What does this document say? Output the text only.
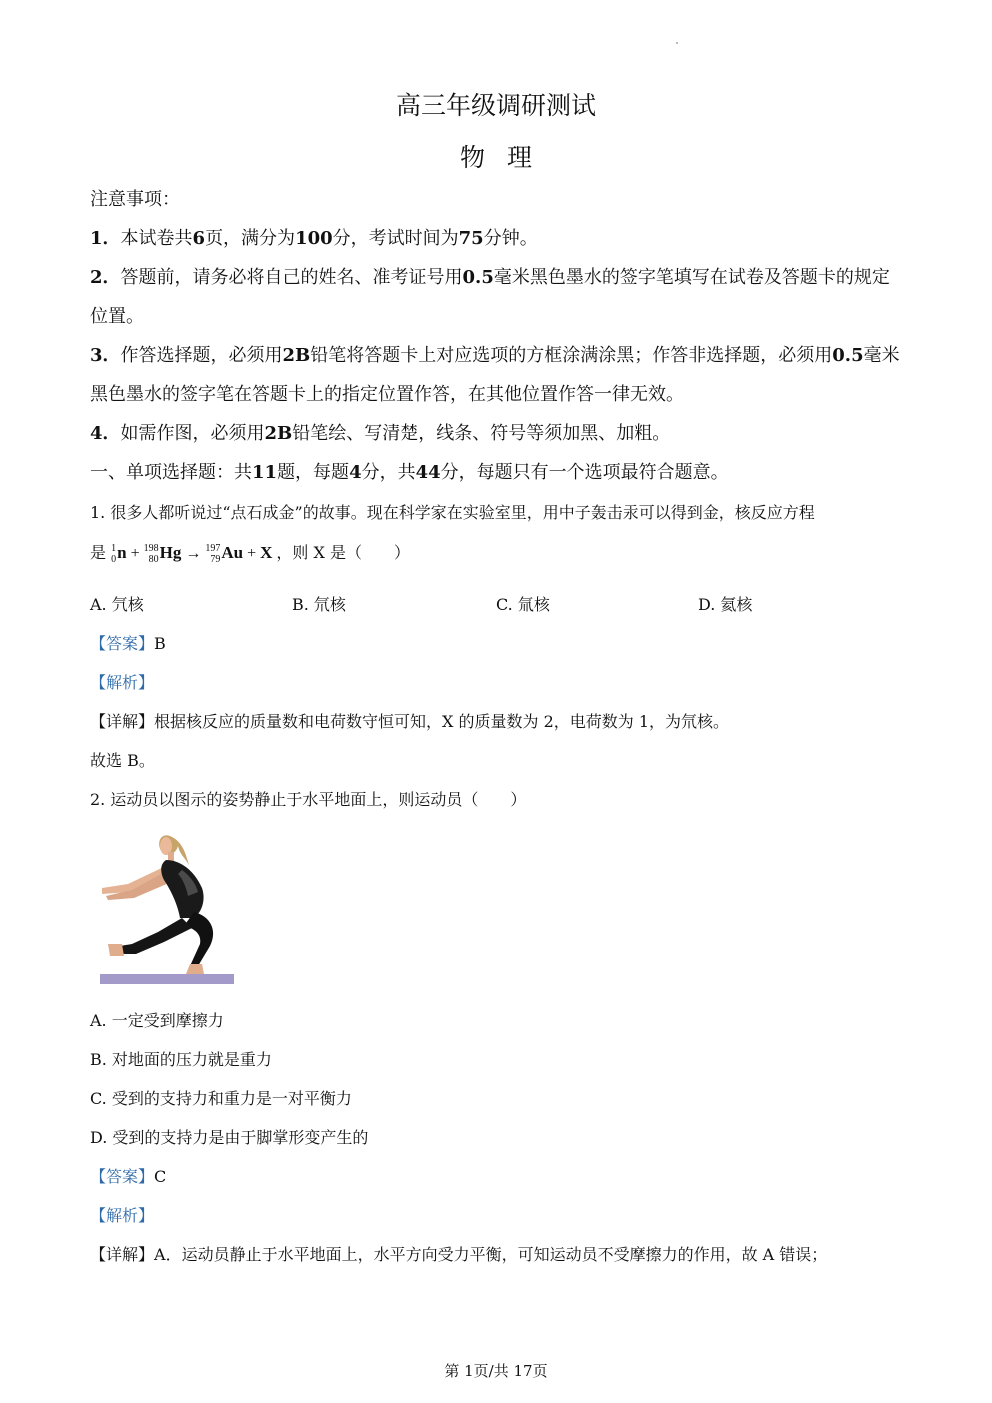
高三年级调研测试
物理
注意事项：
1．本试卷共6页，满分为100分，考试时间为75分钟。
2．答题前，请务必将自己的姓名、准考证号用0.5毫米黑色墨水的签字笔填写在试卷及答题卡的规定位置。
3．作答选择题，必须用2B铅笔将答题卡上对应选项的方框涂满涂黑；作答非选择题，必须用0.5毫米黑色墨水的签字笔在答题卡上的指定位置作答，在其他位置作答一律无效。
4．如需作图，必须用2B铅笔绘、写清楚，线条、符号等须加黑、加粗。
一、单项选择题：共11题，每题4分，共44分，每题只有一个选项最符合题意。
1. 很多人都听说过“点石成金”的故事。现在科学家在实验室里，用中子轰击汞可以得到金，核反应方程
是 1
0n + 198
80Hg → 197
79Au + X ，则 X 是（　　）
A. 氕核	B. 氘核	C. 氚核	D. 氦核
【答案】B
【解析】
【详解】根据核反应的质量数和电荷数守恒可知，X 的质量数为 2，电荷数为 1，为氘核。
故选 B。
2. 运动员以图示的姿势静止于水平地面上，则运动员（　　）
A. 一定受到摩擦力
B. 对地面的压力就是重力
C. 受到的支持力和重力是一对平衡力
D. 受到的支持力是由于脚掌形变产生的
【答案】C
【解析】
【详解】A．运动员静止于水平地面上，水平方向受力平衡，可知运动员不受摩擦力的作用，故 A 错误；
第 1页/共 17页
